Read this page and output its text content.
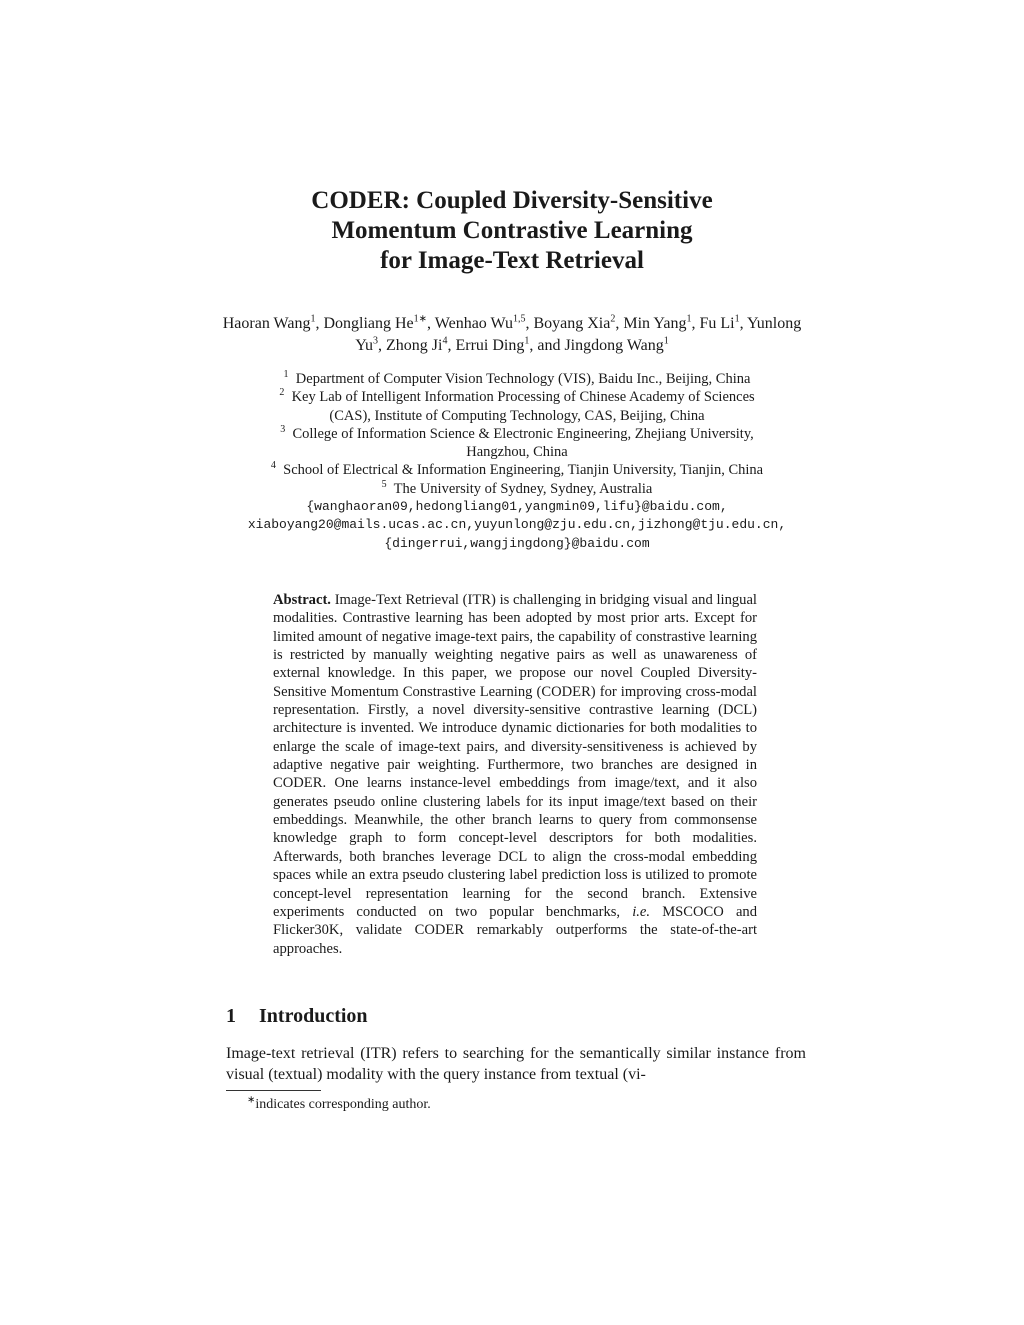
CODER: Coupled Diversity-Sensitive
Momentum Contrastive Learning
for Image-Text Retrieval
Haoran Wang$^1$, Dongliang $He^{1∗}$, Wenhao Wu$^{1,5}$, Boyang Xia$^2$, Min Yang$^1$, Fu Li$^1$, Yunlong Yu$^3$, Zhong Ji$^4$, Errui Ding$^1$, and Jingdong Wang$^1$
$^1$ Department of Computer Vision Technology (VIS), Baidu Inc., Beijing, China
$^2$ Key Lab of Intelligent Information Processing of Chinese Academy of Sciences
(CAS), Institute of Computing Technology, CAS, Beijing, China
$^3$ College of Information Science & Electronic Engineering, Zhejiang University,
Hangzhou, China
$^4$ School of Electrical & Information Engineering, Tianjin University, Tianjin, China
$^5$ The University of Sydney, Sydney, Australia
{wanghaoran09,hedongliang01,yangmin09,lifu}@baidu.com,
xiaboyang20@mails.ucas.ac.cn,yuyunlong@zju.edu.cn,jizhong@tju.edu.cn,
{dingerrui,wangjingdong}@baidu.com
Abstract. Image-Text Retrieval (ITR) is challenging in bridging visual and lingual modalities. Contrastive learning has been adopted by most prior arts. Except for limited amount of negative image-text pairs, the capability of constrastive learning is restricted by manually weighting negative pairs as well as unawareness of external knowledge. In this paper, we propose our novel Coupled Diversity-Sensitive Momentum Constrastive Learning (CODER) for improving cross-modal representation. Firstly, a novel diversity-sensitive contrastive learning (DCL) architecture is invented. We introduce dynamic dictionaries for both modalities to enlarge the scale of image-text pairs, and diversity-sensitiveness is achieved by adaptive negative pair weighting. Furthermore, two branches are designed in CODER. One learns instance-level embeddings from image/text, and it also generates pseudo online clustering labels for its input image/text based on their embeddings. Meanwhile, the other branch learns to query from commonsense knowledge graph to form concept-level descriptors for both modalities. Afterwards, both branches leverage DCL to align the cross-modal embedding spaces while an extra pseudo clustering label prediction loss is utilized to promote concept-level representation learning for the second branch. Extensive experiments conducted on two popular benchmarks, i.e. MSCOCO and Flicker30K, validate CODER remarkably outperforms the state-of-the-art approaches.
1 Introduction
Image-text retrieval (ITR) refers to searching for the semantically similar instance from visual (textual) modality with the query instance from textual (vi-
∗indicates corresponding author.
